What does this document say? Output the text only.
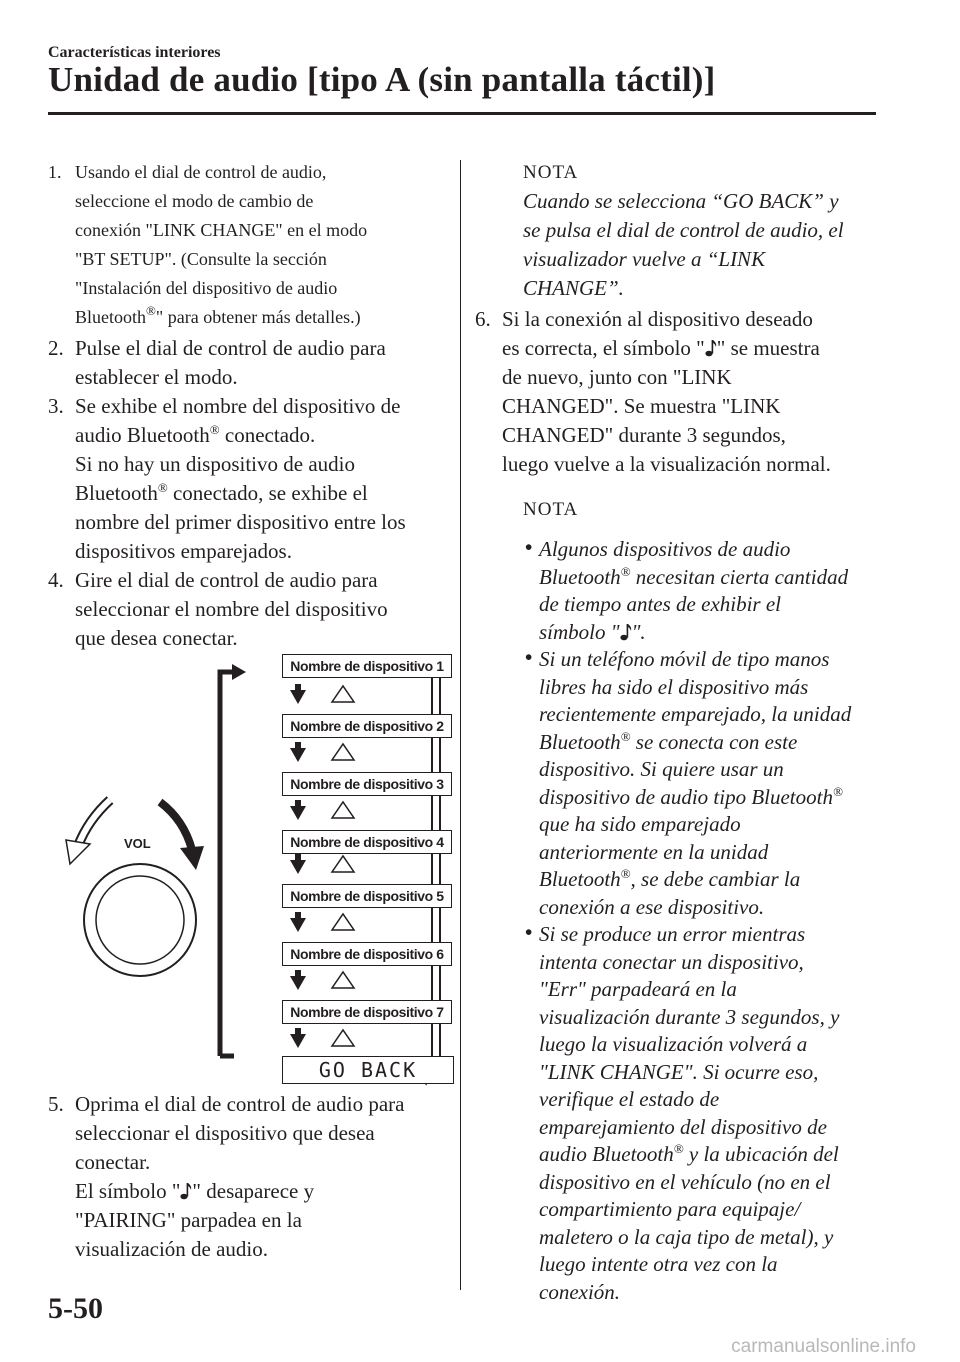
Características interiores
Unidad de audio [tipo A (sin pantalla táctil)]
1. Usando el dial de control de audio,

seleccione el modo de cambio de

conexión "LINK CHANGE" en el modo

"BT SETUP". (Consulte la sección

"Instalación del dispositivo de audio

Bluetooth®" para obtener más detalles.)

2. Pulse el dial de control de audio para

establecer el modo.

3. Se exhibe el nombre del dispositivo de

audio Bluetooth® conectado.

Si no hay un dispositivo de audio

Bluetooth® conectado, se exhibe el

nombre del primer dispositivo entre los

dispositivos emparejados.

4. Gire el dial de control de audio para

seleccionar el nombre del dispositivo

que desea conectar.

VOL
Nombre de dispositivo 1
Nombre de dispositivo 2
Nombre de dispositivo 3
Nombre de dispositivo 4
Nombre de dispositivo 5
Nombre de dispositivo 6
Nombre de dispositivo 7
GO BACK
5. Oprima el dial de control de audio para

seleccionar el dispositivo que desea

conectar.

El símbolo " " desaparece y

"PAIRING" parpadea en la

visualización de audio.

NOTA

Cuando se selecciona “GO BACK” y

se pulsa el dial de control de audio, el

visualizador vuelve a “LINK

CHANGE”.

6. Si la conexión al dispositivo deseado

es correcta, el símbolo " " se muestra

de nuevo, junto con "LINK

CHANGED". Se muestra "LINK

CHANGED" durante 3 segundos,

luego vuelve a la visualización normal.

NOTA

• Algunos dispositivos de audio
Bluetooth® necesitan cierta cantidad
de tiempo antes de exhibir el
símbolo " ".
• Si un teléfono móvil de tipo manos
libres ha sido el dispositivo más
recientemente emparejado, la unidad
Bluetooth® se conecta con este
dispositivo. Si quiere usar un
dispositivo de audio tipo Bluetooth®
que ha sido emparejado
anteriormente en la unidad
Bluetooth®, se debe cambiar la
conexión a ese dispositivo.
• Si se produce un error mientras
intenta conectar un dispositivo,
"Err" parpadeará en la
visualización durante 3 segundos, y
luego la visualización volverá a
"LINK CHANGE". Si ocurre eso,
verifique el estado de
emparejamiento del dispositivo de
audio Bluetooth® y la ubicación del
dispositivo en el vehículo (no en el
compartimiento para equipaje/
maletero o la caja tipo de metal), y
luego intente otra vez con la
conexión.
5-50
carmanualsonline.info
